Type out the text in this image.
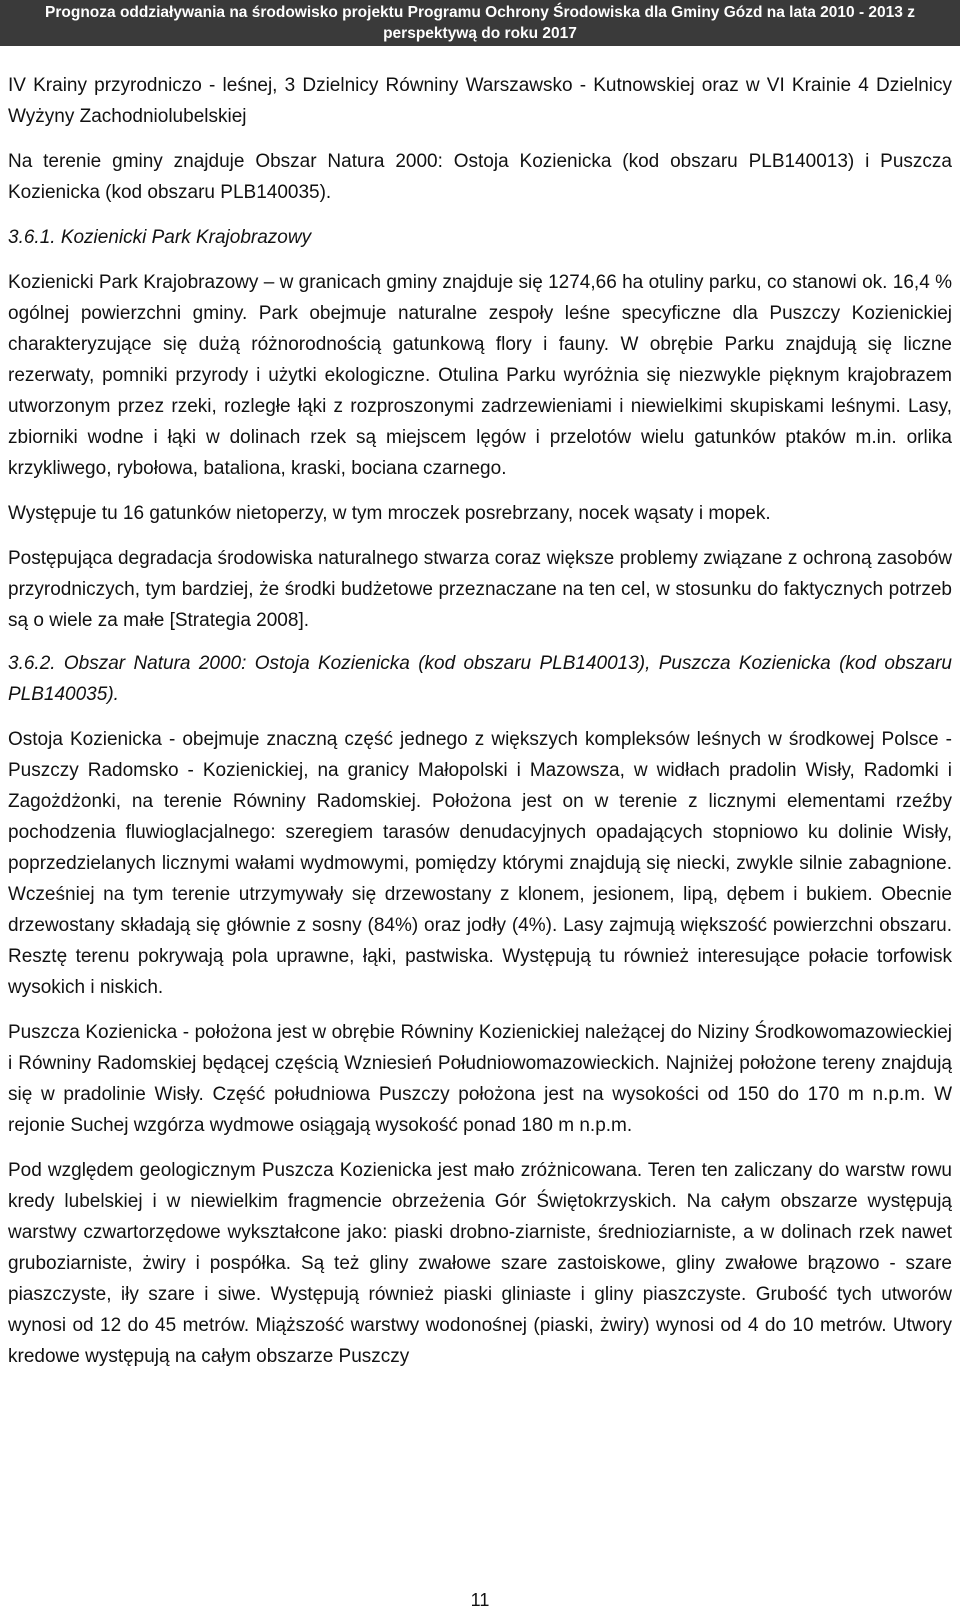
Prognoza oddziaływania na środowisko projektu Programu Ochrony Środowiska dla Gminy Gózd na lata 2010 - 2013 z
perspektywą do roku 2017

IV Krainy przyrodniczo - leśnej, 3 Dzielnicy Równiny Warszawsko - Kutnowskiej oraz w VI Krainie 4 Dzielnicy Wyżyny Zachodniolubelskiej

Na terenie gminy znajduje Obszar Natura 2000: Ostoja Kozienicka (kod obszaru PLB140013) i Puszcza Kozienicka (kod obszaru PLB140035).

3.6.1. Kozienicki Park Krajobrazowy

Kozienicki Park Krajobrazowy – w granicach gminy znajduje się 1274,66 ha otuliny parku, co stanowi ok. 16,4 % ogólnej powierzchni gminy. Park obejmuje naturalne zespoły leśne specyficzne dla Puszczy Kozienickiej charakteryzujące się dużą różnorodnością gatunkową flory i fauny. W obrębie Parku znajdują się liczne rezerwaty, pomniki przyrody i użytki ekologiczne. Otulina Parku wyróżnia się niezwykle pięknym krajobrazem utworzonym przez rzeki, rozległe łąki z rozproszonymi zadrzewieniami i niewielkimi skupiskami leśnymi. Lasy, zbiorniki wodne i łąki w dolinach rzek są miejscem lęgów i przelotów wielu gatunków ptaków m.in. orlika krzykliwego, rybołowa, bataliona, kraski, bociana czarnego.

Występuje tu 16 gatunków nietoperzy, w tym mroczek posrebrzany, nocek wąsaty i mopek.

Postępująca degradacja środowiska naturalnego stwarza coraz większe problemy związane z ochroną zasobów przyrodniczych, tym bardziej, że środki budżetowe przeznaczane na ten cel, w stosunku do faktycznych potrzeb są o wiele za małe [Strategia 2008].

3.6.2. Obszar Natura 2000: Ostoja Kozienicka (kod obszaru PLB140013), Puszcza Kozienicka (kod obszaru PLB140035).

Ostoja Kozienicka - obejmuje znaczną część jednego z większych kompleksów leśnych w środkowej Polsce - Puszczy Radomsko - Kozienickiej, na granicy Małopolski i Mazowsza, w widłach pradolin Wisły, Radomki i Zagożdżonki, na terenie Równiny Radomskiej. Położona jest on w terenie z licznymi elementami rzeźby pochodzenia fluwioglacjalnego: szeregiem tarasów denudacyjnych opadających stopniowo ku dolinie Wisły, poprzedzielanych licznymi wałami wydmowymi, pomiędzy którymi znajdują się niecki, zwykle silnie zabagnione. Wcześniej na tym terenie utrzymywały się drzewostany z klonem, jesionem, lipą, dębem i bukiem. Obecnie drzewostany składają się głównie z sosny (84%) oraz jodły (4%). Lasy zajmują większość powierzchni obszaru. Resztę terenu pokrywają pola uprawne, łąki, pastwiska. Występują tu również interesujące połacie torfowisk wysokich i niskich.

Puszcza Kozienicka - położona jest w obrębie Równiny Kozienickiej należącej do Niziny Środkowomazowieckiej i Równiny Radomskiej będącej częścią Wzniesień Południowomazowieckich. Najniżej położone tereny znajdują się w pradolinie Wisły. Część południowa Puszczy położona jest na wysokości od 150 do 170 m n.p.m. W rejonie Suchej wzgórza wydmowe osiągają wysokość ponad 180 m n.p.m.

Pod względem geologicznym Puszcza Kozienicka jest mało zróżnicowana. Teren ten zaliczany do warstw rowu kredy lubelskiej i w niewielkim fragmencie obrzeżenia Gór Świętokrzyskich. Na całym obszarze występują warstwy czwartorzędowe wykształcone jako: piaski drobno-ziarniste, średnioziarniste, a w dolinach rzek nawet gruboziarniste, żwiry i pospółka. Są też gliny zwałowe szare zastoiskowe, gliny zwałowe brązowo - szare piaszczyste, iły szare i siwe. Występują również piaski gliniaste i gliny piaszczyste. Grubość tych utworów wynosi od 12 do 45 metrów. Miąższość warstwy wodonośnej (piaski, żwiry) wynosi od 4 do 10 metrów. Utwory kredowe występują na całym obszarze Puszczy

11
